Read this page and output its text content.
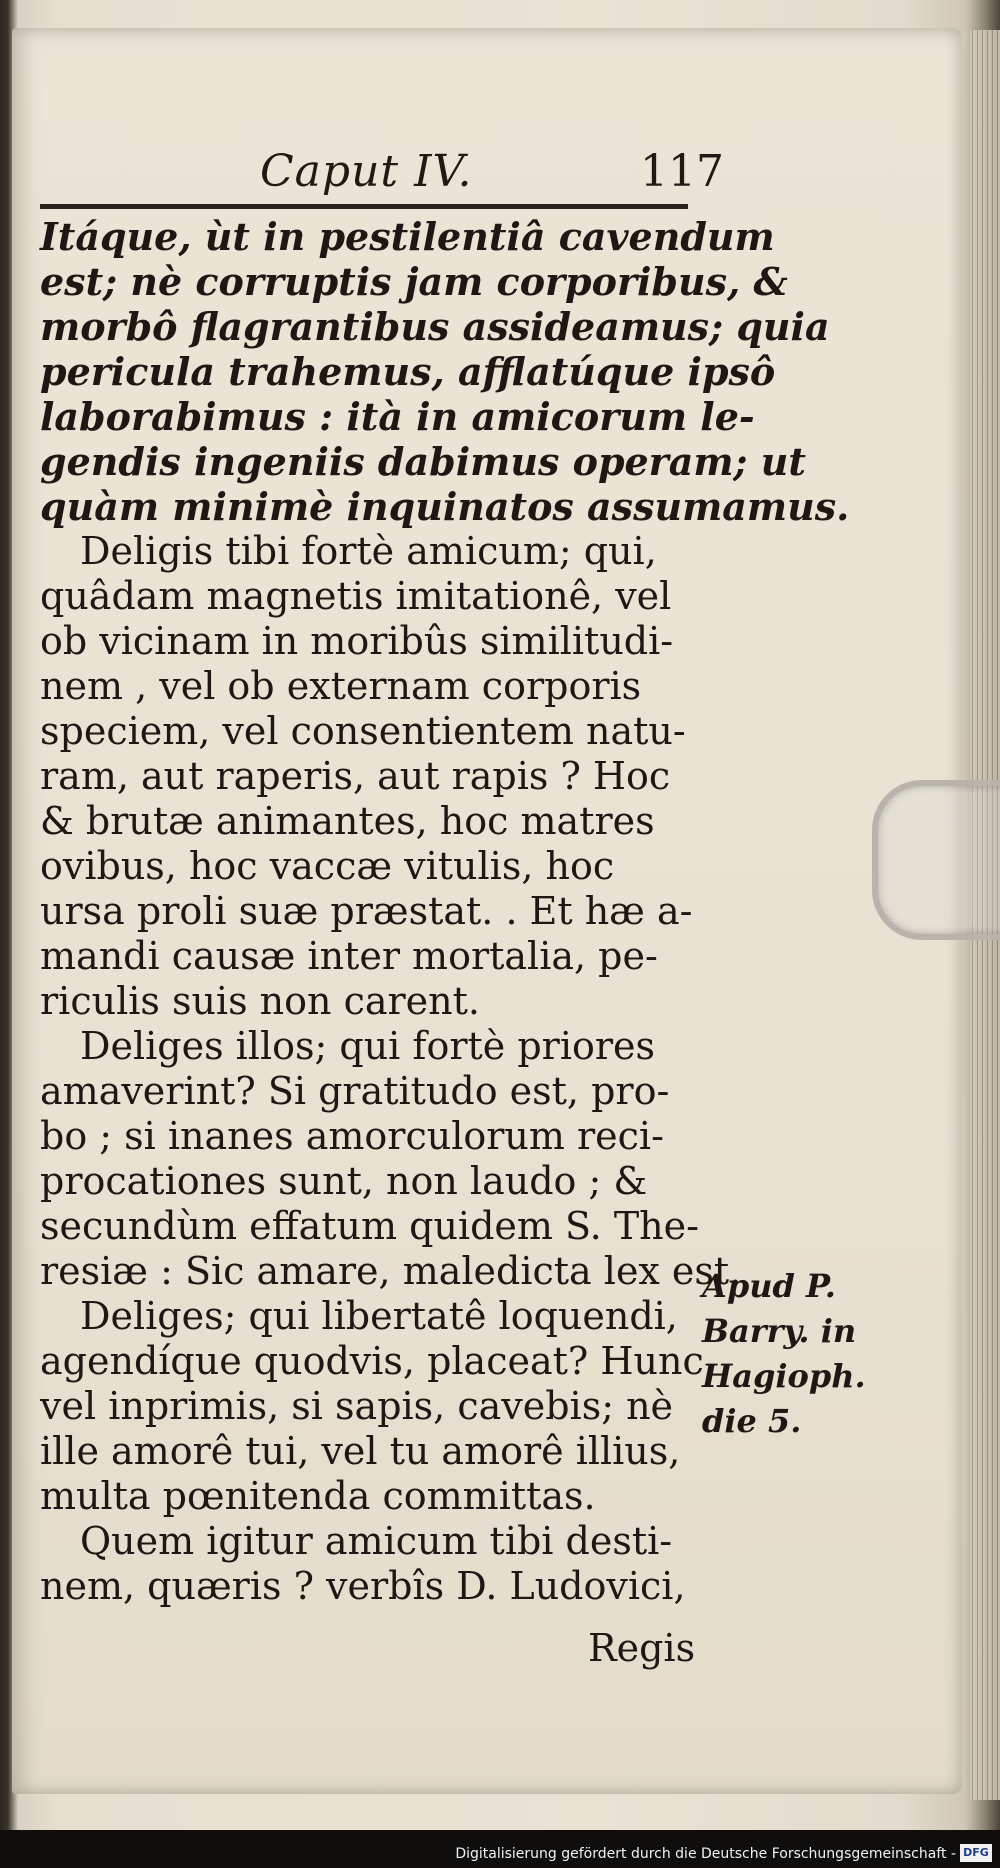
Caput IV.	117
Itáque, ùt in pestilentiâ cavendum
est; nè corruptis jam corporibus, &
morbô flagrantibus assideamus; quia
pericula trahemus, afflatúque ipsô
laborabimus : ità in amicorum le-
gendis ingeniis dabimus operam; ut
quàm minimè inquinatos assumamus.
Deligis tibi fortè amicum; qui,
quâdam magnetis imitationê, vel
ob vicinam in moribûs similitudi-
nem , vel ob externam corporis
speciem, vel consentientem natu-
ram, aut raperis, aut rapis ? Hoc
& brutæ animantes, hoc matres
ovibus, hoc vaccæ vitulis, hoc
ursa proli suæ præstat. . Et hæ a-
mandi causæ inter mortalia, pe-
riculis suis non carent.
Deliges illos; qui fortè priores
amaverint? Si gratitudo est, pro-
bo ; si inanes amorculorum reci-
procationes sunt, non laudo ; &
secundùm effatum quidem S. The-
resiæ : Sic amare, maledicta lex est.
Deliges; qui libertatê loquendi,
agendíque quodvis, placeat? Hunc
vel inprimis, si sapis, cavebis; nè
ille amorê tui, vel tu amorê illius,
multa pœnitenda committas.
Quem igitur amicum tibi desti-
nem, quæris ? verbîs D. Ludovici,
Apud P.
Barry. in
Hagioph.
die 5.
Regis
Digitalisierung gefördert durch die Deutsche Forschungsgemeinschaft - DFG
